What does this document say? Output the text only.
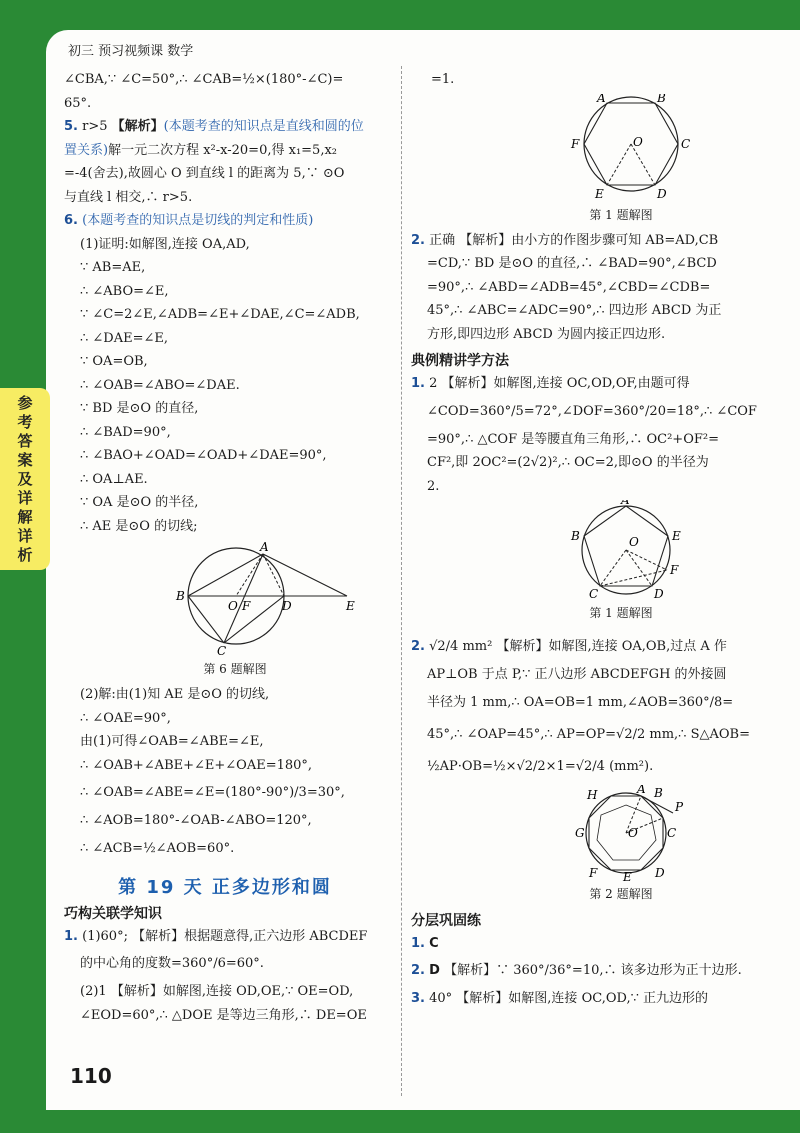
初三 预习视频课 数学

∠CBA,∵ ∠C=50°,∴ ∠CAB=½×(180°-∠C)=

65°.

5. r>5 【解析】(本题考查的知识点是直线和圆的位

置关系)解一元二次方程 x²-x-20=0,得 x₁=5,x₂

=-4(舍去),故圆心 O 到直线 l 的距离为 5,∵ ⊙O

与直线 l 相交,∴ r>5.

6. (本题考查的知识点是切线的判定和性质)

(1)证明:如解图,连接 OA,AD,

∵ AB=AE,

∴ ∠ABO=∠E,

∵ ∠C=2∠E,∠ADB=∠E+∠DAE,∠C=∠ADB,

∴ ∠DAE=∠E,

∵ OA=OB,

∴ ∠OAB=∠ABO=∠DAE.

∵ BD 是⊙O 的直径,

∴ ∠BAD=90°,

∴ ∠BAO+∠OAD=∠OAD+∠DAE=90°,

∴ OA⊥AE.

∵ OA 是⊙O 的半径,

∴ AE 是⊙O 的切线;

A
B
O F	D	E
C
第 6 题解图

(2)解:由(1)知 AE 是⊙O 的切线,

∴ ∠OAE=90°,

由(1)可得∠OAB=∠ABE=∠E,

∴ ∠OAB+∠ABE+∠E+∠OAE=180°,

∴ ∠OAB=∠ABE=∠E=(180°-90°)/3=30°,

∴ ∠AOB=180°-∠OAB-∠ABO=120°,

∴ ∠ACB=½∠AOB=60°.

第 19 天 正多边形和圆
巧构关联学知识

1. (1)60°; 【解析】根据题意得,正六边形 ABCDEF

的中心角的度数=360°/6=60°.

(2)1 【解析】如解图,连接 OD,OE,∵ OE=OD,

∠EOD=60°,∴ △DOE 是等边三角形,∴ DE=OE

=1.

A	B
F	O	C
E	D
第 1 题解图

2. 正确 【解析】由小方的作图步骤可知 AB=AD,CB

=CD,∵ BD 是⊙O 的直径,∴ ∠BAD=90°,∠BCD

=90°,∴ ∠ABD=∠ADB=45°,∠CBD=∠CDB=

45°,∴ ∠ABC=∠ADC=90°,∴ 四边形 ABCD 为正

方形,即四边形 ABCD 为圆内接正四边形.

典例精讲学方法

1. 2 【解析】如解图,连接 OC,OD,OF,由题可得

∠COD=360°/5=72°,∠DOF=360°/20=18°,∴ ∠COF

=90°,∴ △COF 是等腰直角三角形,∴ OC²+OF²=

CF²,即 2OC²=(2√2)²,∴ OC=2,即⊙O 的半径为

2.

A
B	E
O
F
C	D
第 1 题解图

2. √2/4 mm² 【解析】如解图,连接 OA,OB,过点 A 作

AP⊥OB 于点 P,∵ 正八边形 ABCDEFGH 的外接圆

半径为 1 mm,∴ OA=OB=1 mm,∠AOB=360°/8=

45°,∴ ∠OAP=45°,∴ AP=OP=√2/2 mm,∴ S△AOB=

½AP·OB=½×√2/2×1=√2/4 (mm²).

A B
H
P
G	O C
F	D
E
第 2 题解图
分层巩固练

1. C

2. D 【解析】∵ 360°/36°=10,∴ 该多边形为正十边形.

3. 40° 【解析】如解图,连接 OC,OD,∵ 正九边形的

110
参
考
答
案
及
详
解
详
析
